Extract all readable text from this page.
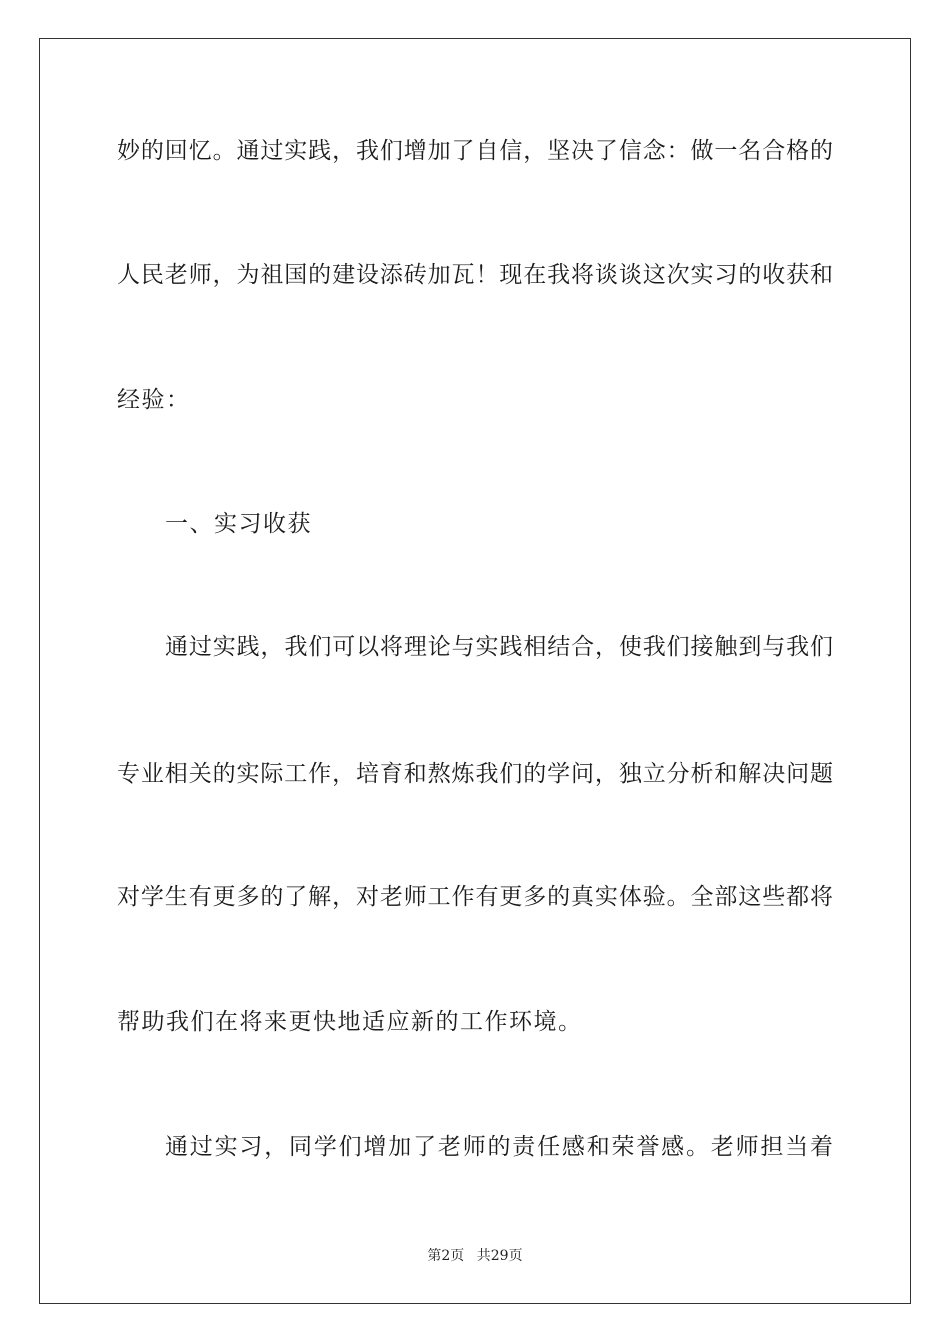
妙的回忆。通过实践，我们增加了自信，坚决了信念：做一名合格的
人民老师，为祖国的建设添砖加瓦！现在我将谈谈这次实习的收获和
经验：
一、实习收获
通过实践，我们可以将理论与实践相结合，使我们接触到与我们
专业相关的实际工作，培育和熬炼我们的学问，独立分析和解决问题
对学生有更多的了解，对老师工作有更多的真实体验。全部这些都将
帮助我们在将来更快地适应新的工作环境。
通过实习，同学们增加了老师的责任感和荣誉感。老师担当着
第2页 共29页
